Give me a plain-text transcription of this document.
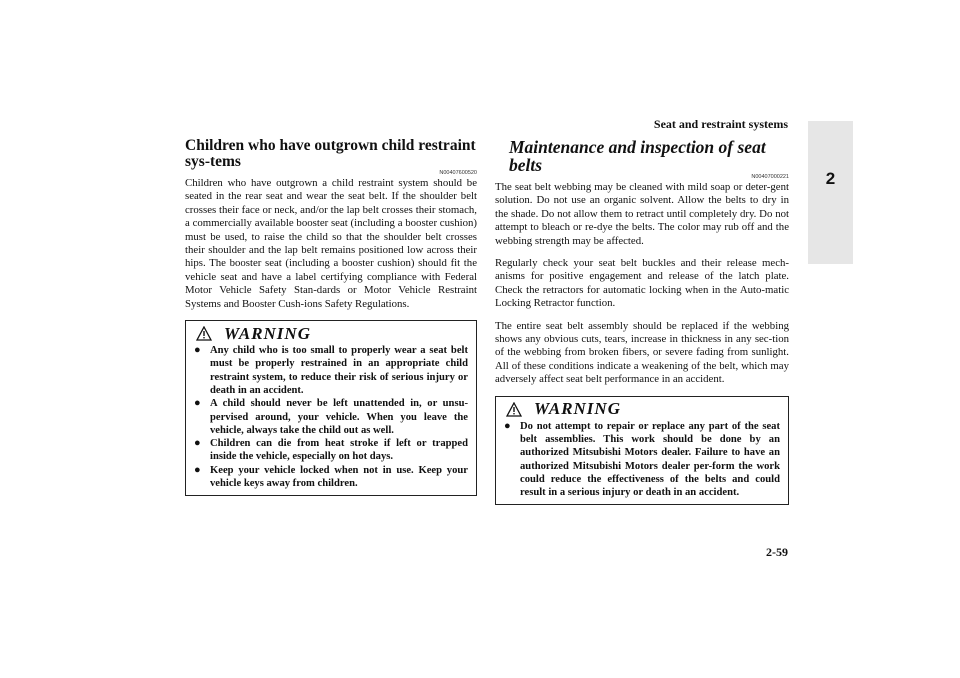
Seat and restraint systems
2
Children who have outgrown child restraint sys-tems
N00407600520

Children who have outgrown a child restraint system should be seated in the rear seat and wear the seat belt. If the shoulder belt crosses their face or neck, and/or the lap belt crosses their stomach, a commercially available booster seat (including a booster cushion) must be used, to raise the child so that the shoulder belt crosses their shoulder and the lap belt remains positioned low across their hips. The booster seat (including a booster cushion) should fit the vehicle seat and have a label certifying compliance with Federal Motor Vehicle Safety Stan-dards or Motor Vehicle Restraint Systems and Booster Cush-ions Safety Regulations.

WARNING
● Any child who is too small to properly wear a seat belt must be properly restrained in an appropriate child restraint system, to reduce their risk of serious injury or death in an accident.
● A child should never be left unattended in, or unsu-pervised around, your vehicle. When you leave the vehicle, always take the child out as well.
● Children can die from heat stroke if left or trapped inside the vehicle, especially on hot days.
● Keep your vehicle locked when not in use. Keep your vehicle keys away from children.
Maintenance and inspection of seat belts
N00407000221

The seat belt webbing may be cleaned with mild soap or deter-gent solution. Do not use an organic solvent. Allow the belts to dry in the shade. Do not allow them to retract until completely dry. Do not attempt to bleach or re-dye the belts. The color may rub off and the webbing strength may be affected.

Regularly check your seat belt buckles and their release mech-anisms for positive engagement and release of the latch plate. Check the retractors for automatic locking when in the Auto-matic Locking Retractor function.

The entire seat belt assembly should be replaced if the webbing shows any obvious cuts, tears, increase in thickness in any sec-tion of the webbing from broken fibers, or severe fading from sunlight. All of these conditions indicate a weakening of the belt, which may adversely affect seat belt performance in an accident.

WARNING
● Do not attempt to repair or replace any part of the seat belt assemblies. This work should be done by an authorized Mitsubishi Motors dealer. Failure to have an authorized Mitsubishi Motors dealer per-form the work could reduce the effectiveness of the belts and could result in a serious injury or death in an accident.
2-59
